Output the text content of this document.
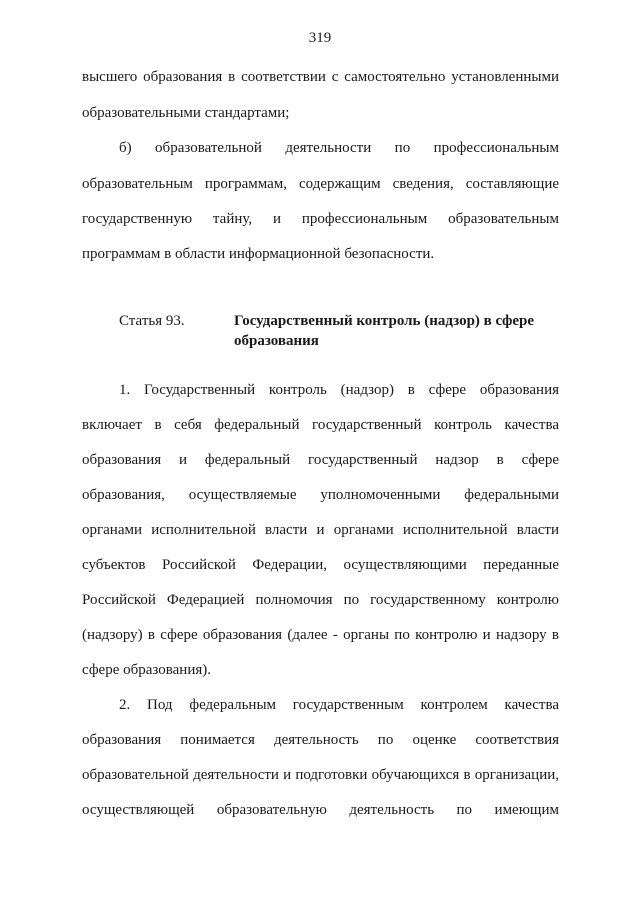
319
высшего образования в соответствии с самостоятельно установленными
образовательными стандартами;
б) образовательной деятельности по профессиональным
образовательным программам, содержащим сведения, составляющие
государственную тайну, и профессиональным образовательным
программам в области информационной безопасности.
Статья 93.	Государственный контроль (надзор) в сфере образования
1. Государственный контроль (надзор) в сфере образования
включает в себя федеральный государственный контроль качества
образования и федеральный государственный надзор в сфере
образования, осуществляемые уполномоченными федеральными
органами исполнительной власти и органами исполнительной власти
субъектов Российской Федерации, осуществляющими переданные
Российской Федерацией полномочия по государственному контролю
(надзору) в сфере образования (далее - органы по контролю и надзору в
сфере образования).
2. Под федеральным государственным контролем качества
образования понимается деятельность по оценке соответствия
образовательной деятельности и подготовки обучающихся в организации,
осуществляющей образовательную деятельность по имеющим
